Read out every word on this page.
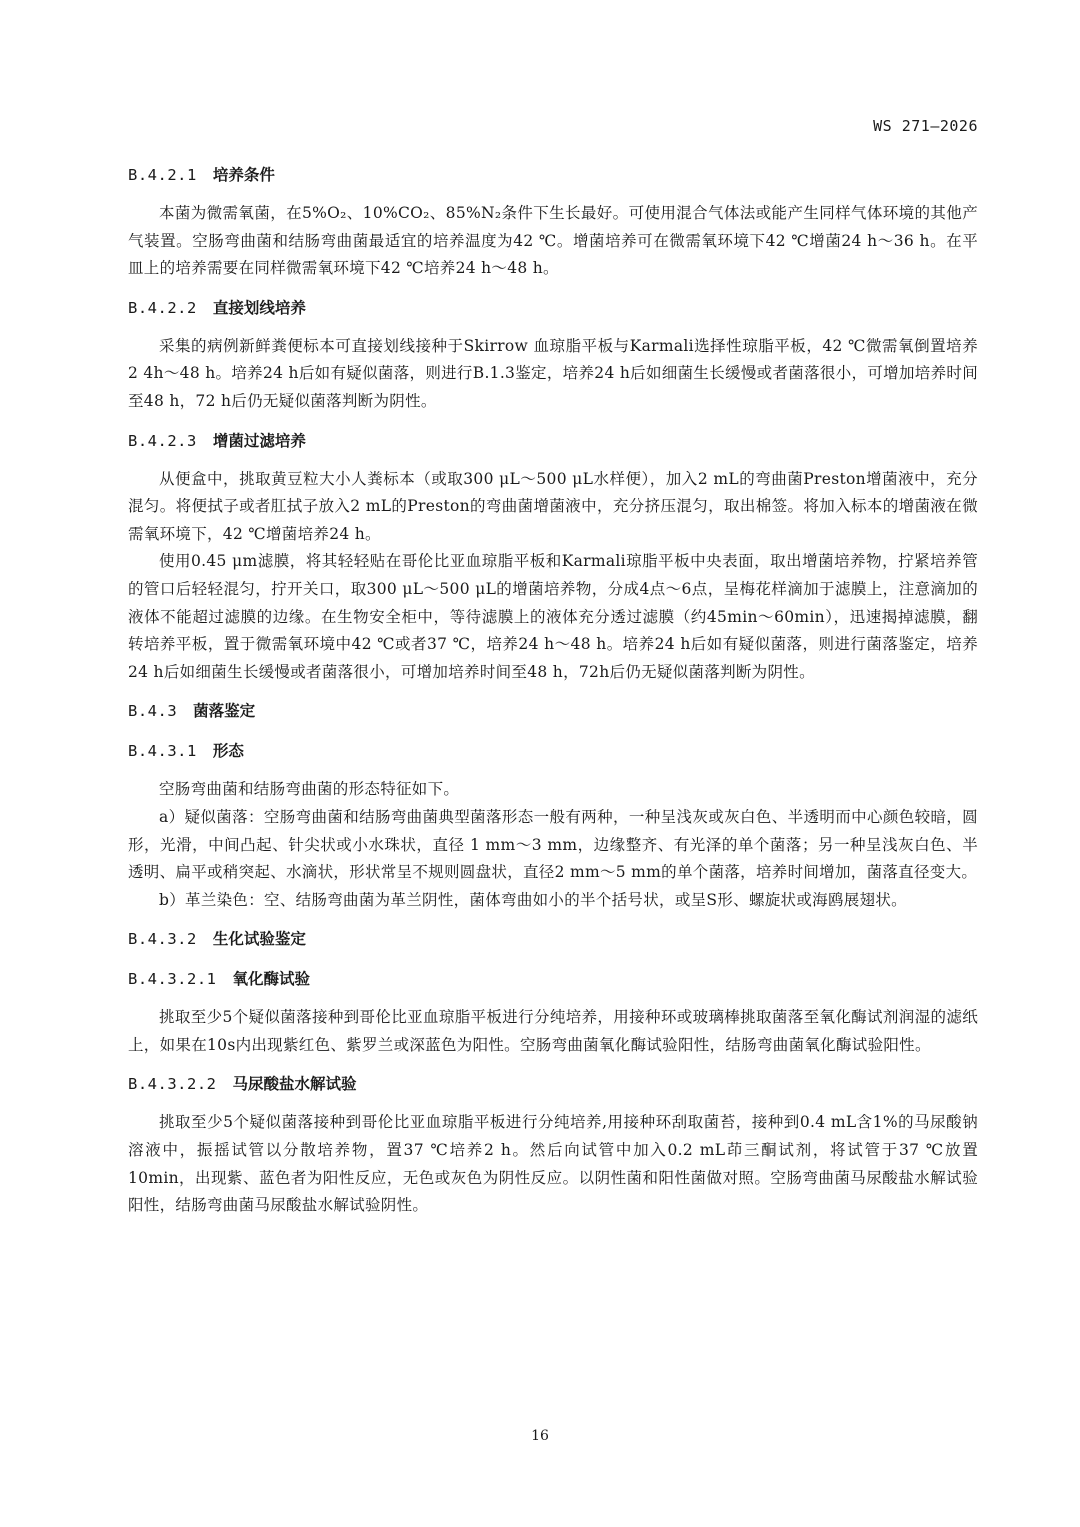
WS 271—2026
B.4.2.1 培养条件

本菌为微需氧菌，在5%O₂、10%CO₂、85%N₂条件下生长最好。可使用混合气体法或能产生同样气体环境的其他产气装置。空肠弯曲菌和结肠弯曲菌最适宜的培养温度为42 ℃。增菌培养可在微需氧环境下42 ℃增菌24 h～36 h。在平皿上的培养需要在同样微需氧环境下42 ℃培养24 h～48 h。

B.4.2.2 直接划线培养

采集的病例新鲜粪便标本可直接划线接种于Skirrow 血琼脂平板与Karmali选择性琼脂平板，42 ℃微需氧倒置培养2 4h～48 h。培养24 h后如有疑似菌落，则进行B.1.3鉴定，培养24 h后如细菌生长缓慢或者菌落很小，可增加培养时间至48 h，72 h后仍无疑似菌落判断为阴性。

B.4.2.3 增菌过滤培养

从便盒中，挑取黄豆粒大小人粪标本（或取300 μL～500 μL水样便），加入2 mL的弯曲菌Preston增菌液中，充分混匀。将便拭子或者肛拭子放入2 mL的Preston的弯曲菌增菌液中，充分挤压混匀，取出棉签。将加入标本的增菌液在微需氧环境下，42 ℃增菌培养24 h。

使用0.45 μm滤膜，将其轻轻贴在哥伦比亚血琼脂平板和Karmali琼脂平板中央表面，取出增菌培养物，拧紧培养管的管口后轻轻混匀，拧开关口，取300 μL～500 μL的增菌培养物，分成4点～6点，呈梅花样滴加于滤膜上，注意滴加的液体不能超过滤膜的边缘。在生物安全柜中，等待滤膜上的液体充分透过滤膜（约45min～60min），迅速揭掉滤膜，翻转培养平板，置于微需氧环境中42 ℃或者37 ℃，培养24 h～48 h。培养24 h后如有疑似菌落，则进行菌落鉴定，培养24 h后如细菌生长缓慢或者菌落很小，可增加培养时间至48 h，72h后仍无疑似菌落判断为阴性。

B.4.3 菌落鉴定
B.4.3.1 形态

空肠弯曲菌和结肠弯曲菌的形态特征如下。

a）疑似菌落：空肠弯曲菌和结肠弯曲菌典型菌落形态一般有两种，一种呈浅灰或灰白色、半透明而中心颜色较暗，圆形，光滑，中间凸起、针尖状或小水珠状，直径 1 mm～3 mm，边缘整齐、有光泽的单个菌落；另一种呈浅灰白色、半透明、扁平或稍突起、水滴状，形状常呈不规则圆盘状，直径2 mm～5 mm的单个菌落，培养时间增加，菌落直径变大。

b）革兰染色：空、结肠弯曲菌为革兰阴性，菌体弯曲如小的半个括号状，或呈S形、螺旋状或海鸥展翅状。

B.4.3.2 生化试验鉴定
B.4.3.2.1 氧化酶试验

挑取至少5个疑似菌落接种到哥伦比亚血琼脂平板进行分纯培养，用接种环或玻璃棒挑取菌落至氧化酶试剂润湿的滤纸上，如果在10s内出现紫红色、紫罗兰或深蓝色为阳性。空肠弯曲菌氧化酶试验阳性，结肠弯曲菌氧化酶试验阳性。

B.4.3.2.2 马尿酸盐水解试验

挑取至少5个疑似菌落接种到哥伦比亚血琼脂平板进行分纯培养,用接种环刮取菌苔，接种到0.4 mL含1%的马尿酸钠溶液中，振摇试管以分散培养物，置37 ℃培养2 h。然后向试管中加入0.2 mL茚三酮试剂，将试管于37 ℃放置10min，出现紫、蓝色者为阳性反应，无色或灰色为阴性反应。以阴性菌和阳性菌做对照。空肠弯曲菌马尿酸盐水解试验阳性，结肠弯曲菌马尿酸盐水解试验阴性。

16
